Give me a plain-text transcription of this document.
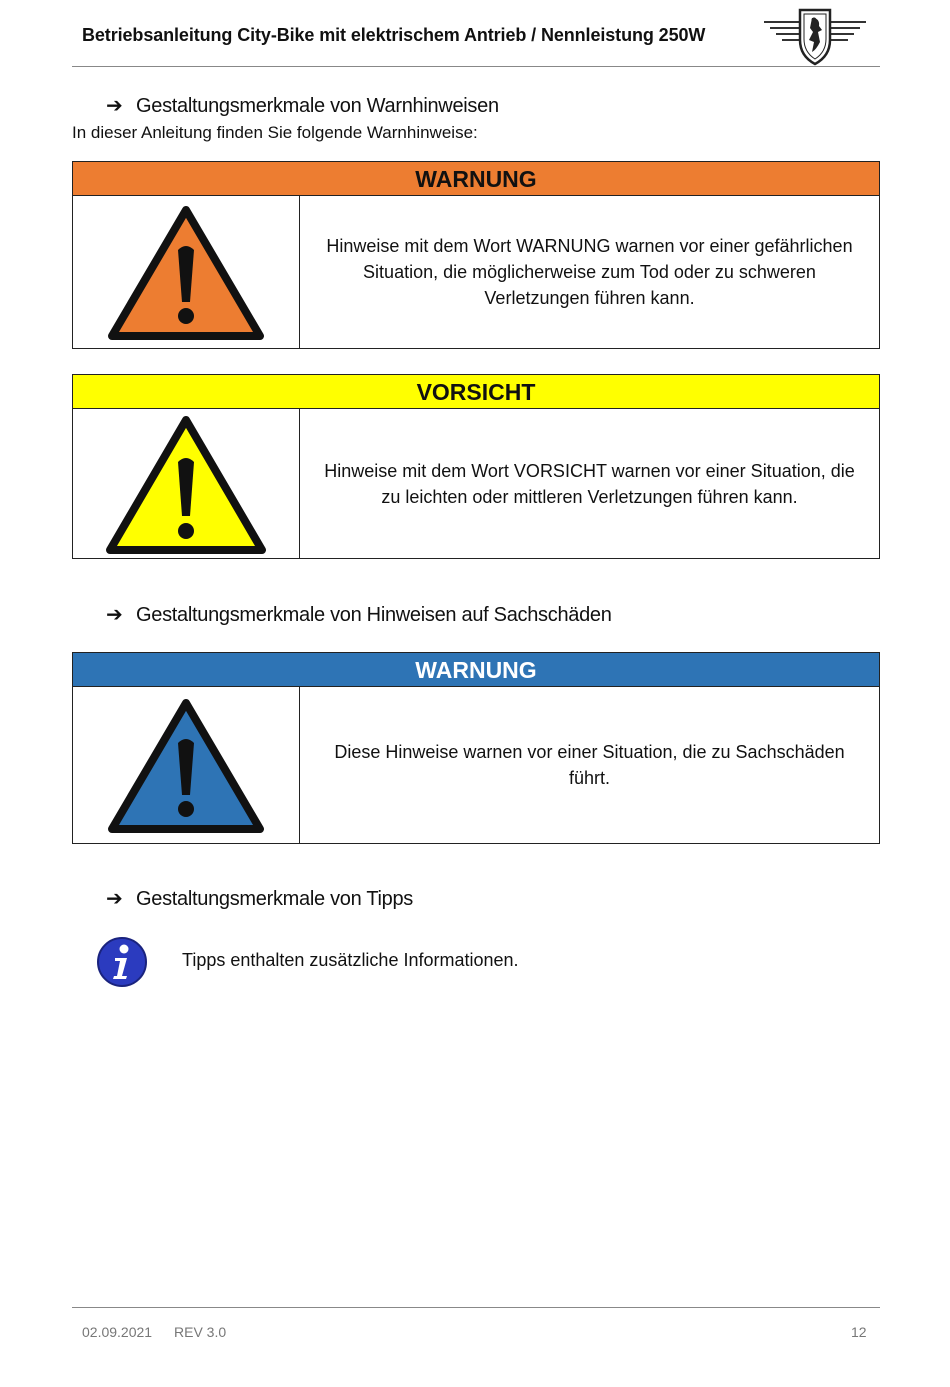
Betriebsanleitung City-Bike mit elektrischem Antrieb / Nennleistung 250W
➔ Gestaltungsmerkmale von Warnhinweisen
In dieser Anleitung finden Sie folgende Warnhinweise:
WARNUNG
Hinweise mit dem Wort WARNUNG warnen vor einer gefährlichen Situation, die möglicherweise zum Tod oder zu schweren Verletzungen führen kann.
VORSICHT
Hinweise mit dem Wort VORSICHT warnen vor einer Situation, die zu leichten oder mittleren Verletzungen führen kann.
➔ Gestaltungsmerkmale von Hinweisen auf Sachschäden
WARNUNG
Diese Hinweise warnen vor einer Situation, die zu Sachschäden führt.
➔ Gestaltungsmerkmale von Tipps
Tipps enthalten zusätzliche Informationen.
02.09.2021 REV 3.0	12
